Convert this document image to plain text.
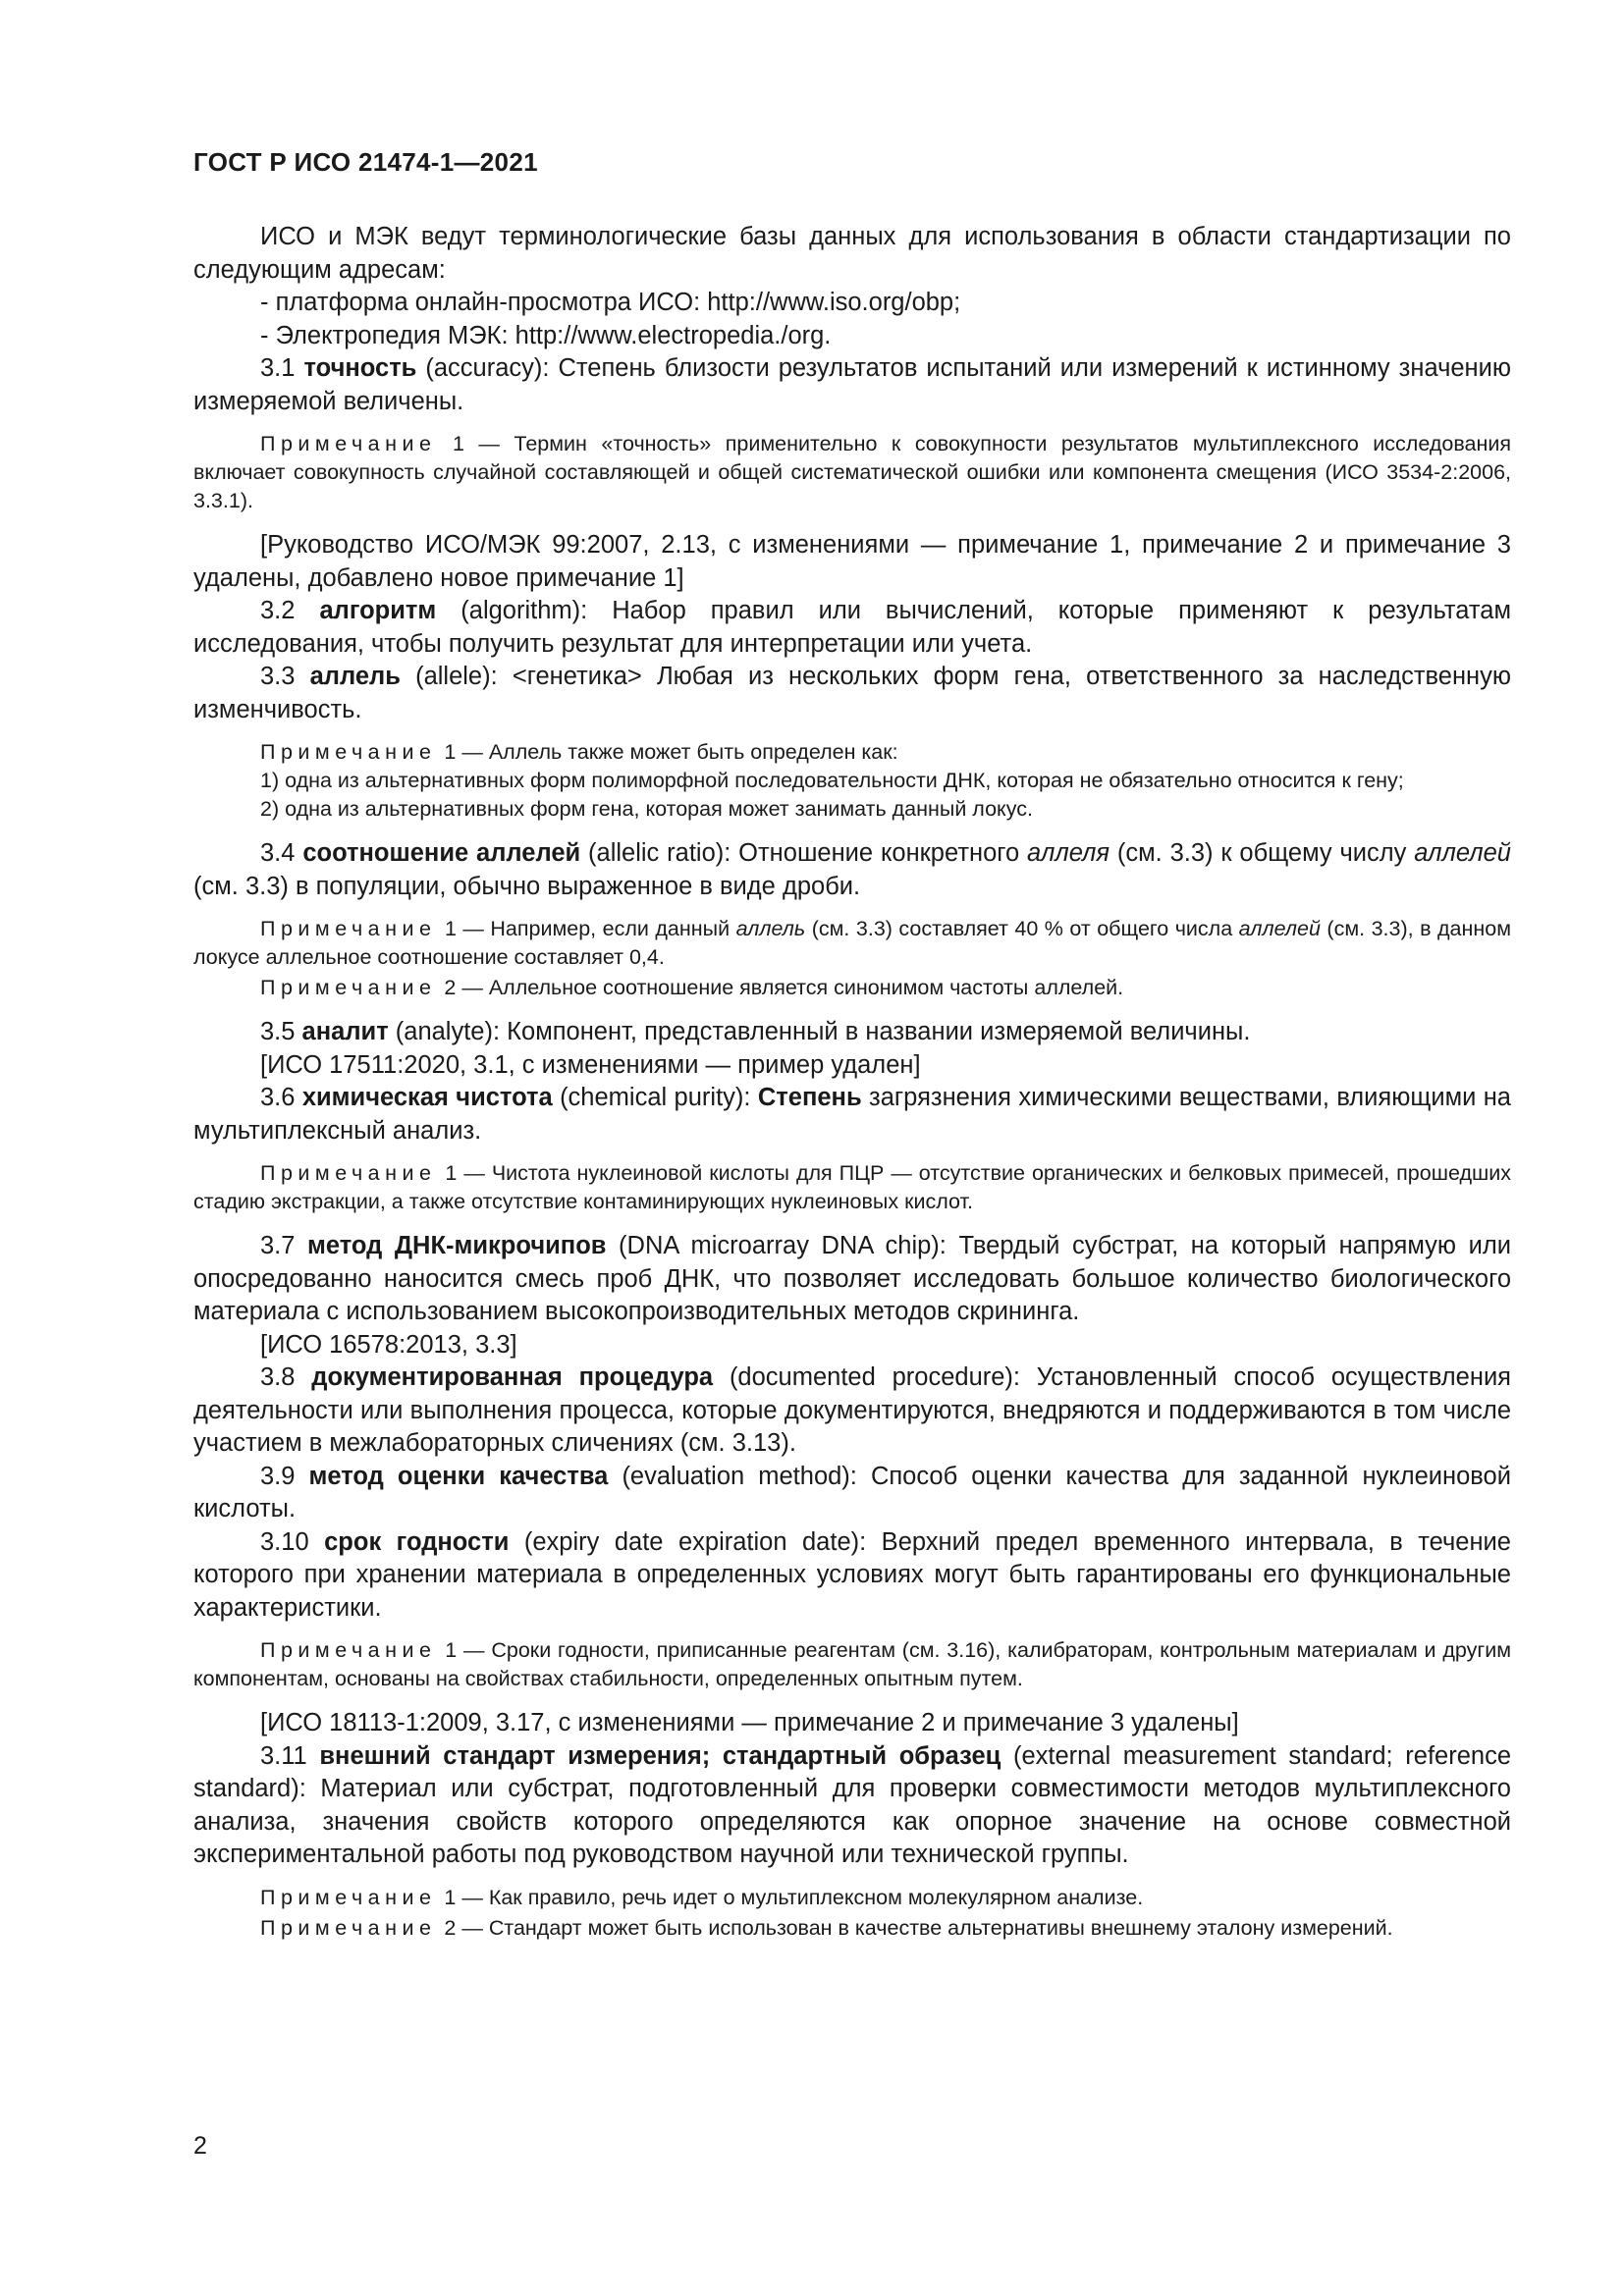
ГОСТ Р ИСО 21474-1—2021

ИСО и МЭК ведут терминологические базы данных для использования в области стандартизации по следующим адресам:

- платформа онлайн-просмотра ИСО: http://www.iso.org/obp;

- Электропедия МЭК: http://www.electropedia./org.

3.1 точность (accuracy): Степень близости результатов испытаний или измерений к истинному значению измеряемой величены.

Примечание 1 — Термин «точность» применительно к совокупности результатов мультиплексного исследования включает совокупность случайной составляющей и общей систематической ошибки или компонента смещения (ИСО 3534-2:2006, 3.3.1).

[Руководство ИСО/МЭК 99:2007, 2.13, с изменениями — примечание 1, примечание 2 и примечание 3 удалены, добавлено новое примечание 1]

3.2 алгоритм (algorithm): Набор правил или вычислений, которые применяют к результатам исследования, чтобы получить результат для интерпретации или учета.

3.3 аллель (allele): <генетика> Любая из нескольких форм гена, ответственного за наследственную изменчивость.

Примечание 1 — Аллель также может быть определен как:

1) одна из альтернативных форм полиморфной последовательности ДНК, которая не обязательно относится к гену;

2) одна из альтернативных форм гена, которая может занимать данный локус.

3.4 соотношение аллелей (allelic ratio): Отношение конкретного аллеля (см. 3.3) к общему числу аллелей (см. 3.3) в популяции, обычно выраженное в виде дроби.

Примечание 1 — Например, если данный аллель (см. 3.3) составляет 40 % от общего числа аллелей (см. 3.3), в данном локусе аллельное соотношение составляет 0,4.

Примечание 2 — Аллельное соотношение является синонимом частоты аллелей.

3.5 аналит (analyte): Компонент, представленный в названии измеряемой величины.

[ИСО 17511:2020, 3.1, с изменениями — пример удален]

3.6 химическая чистота (chemical purity): Степень загрязнения химическими веществами, влияющими на мультиплексный анализ.

Примечание 1 — Чистота нуклеиновой кислоты для ПЦР — отсутствие органических и белковых примесей, прошедших стадию экстракции, а также отсутствие контаминирующих нуклеиновых кислот.

3.7 метод ДНК-микрочипов (DNA microarray DNA chip): Твердый субстрат, на который напрямую или опосредованно наносится смесь проб ДНК, что позволяет исследовать большое количество биологического материала с использованием высокопроизводительных методов скрининга.

[ИСО 16578:2013, 3.3]

3.8 документированная процедура (documented procedure): Установленный способ осуществления деятельности или выполнения процесса, которые документируются, внедряются и поддерживаются в том числе участием в межлабораторных сличениях (см. 3.13).

3.9 метод оценки качества (evaluation method): Способ оценки качества для заданной нуклеиновой кислоты.

3.10 срок годности (expiry date expiration date): Верхний предел временного интервала, в течение которого при хранении материала в определенных условиях могут быть гарантированы его функциональные характеристики.

Примечание 1 — Сроки годности, приписанные реагентам (см. 3.16), калибраторам, контрольным материалам и другим компонентам, основаны на свойствах стабильности, определенных опытным путем.

[ИСО 18113-1:2009, 3.17, с изменениями — примечание 2 и примечание 3 удалены]

3.11 внешний стандарт измерения; стандартный образец (external measurement standard; reference standard): Материал или субстрат, подготовленный для проверки совместимости методов мультиплексного анализа, значения свойств которого определяются как опорное значение на основе совместной экспериментальной работы под руководством научной или технической группы.

Примечание 1 — Как правило, речь идет о мультиплексном молекулярном анализе.

Примечание 2 — Стандарт может быть использован в качестве альтернативы внешнему эталону измерений.

2
